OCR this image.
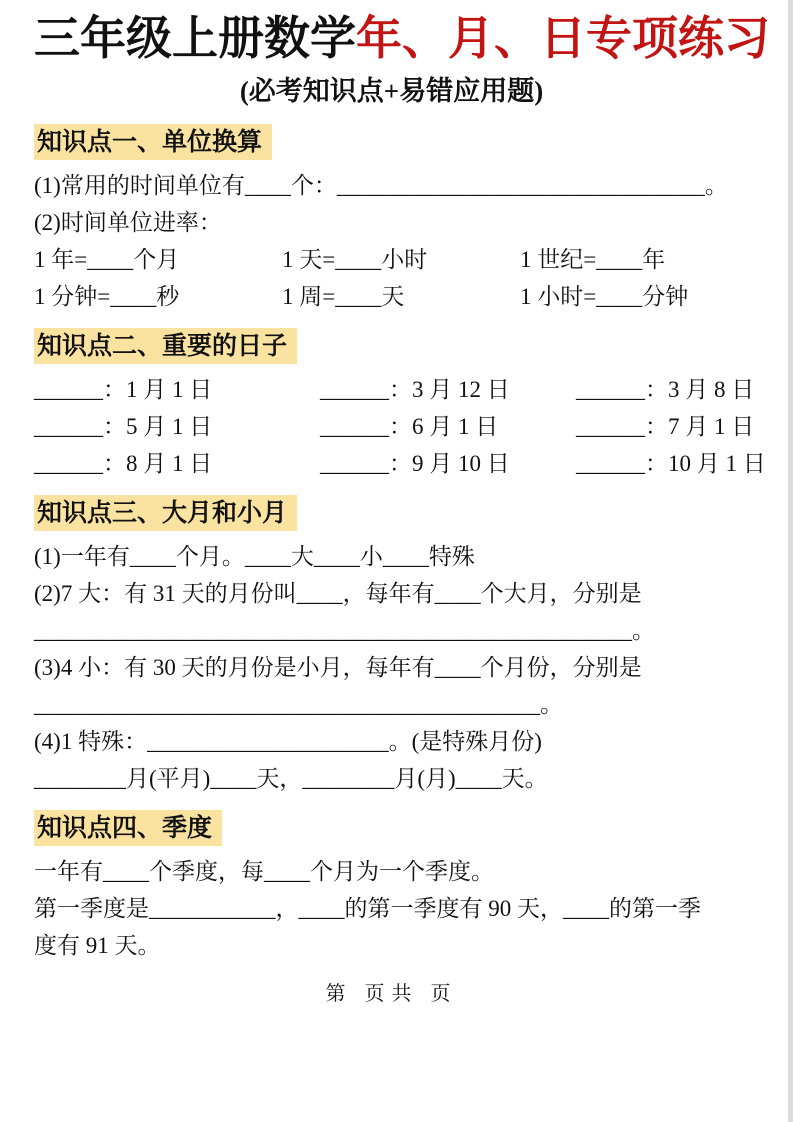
三年级上册数学年、月、日专项练习
(必考知识点+易错应用题)
知识点一、单位换算
(1)常用的时间单位有____个：________________________________。
(2)时间单位进率：
1 年=____个月	1 天=____小时	1 世纪=____年
1 分钟=____秒	1 周=____天	1 小时=____分钟
知识点二、重要的日子
______：1 月 1 日	______：3 月 12 日	______：3 月 8 日
______：5 月 1 日	______：6 月 1 日	______：7 月 1 日
______：8 月 1 日	______：9 月 10 日	______：10 月 1 日
知识点三、大月和小月
(1)一年有____个月。____大____小____特殊
(2)7 大：有 31 天的月份叫____，每年有____个大月，分别是
____________________________________________________。
(3)4 小：有 30 天的月份是小月，每年有____个月份，分别是
____________________________________________。
(4)1 特殊：_____________________。(是特殊月份)
________月(平月)____天，________月(月)____天。
知识点四、季度
一年有____个季度，每____个月为一个季度。
第一季度是___________，____的第一季度有 90 天，____的第一季
度有 91 天。
第 页共 页
